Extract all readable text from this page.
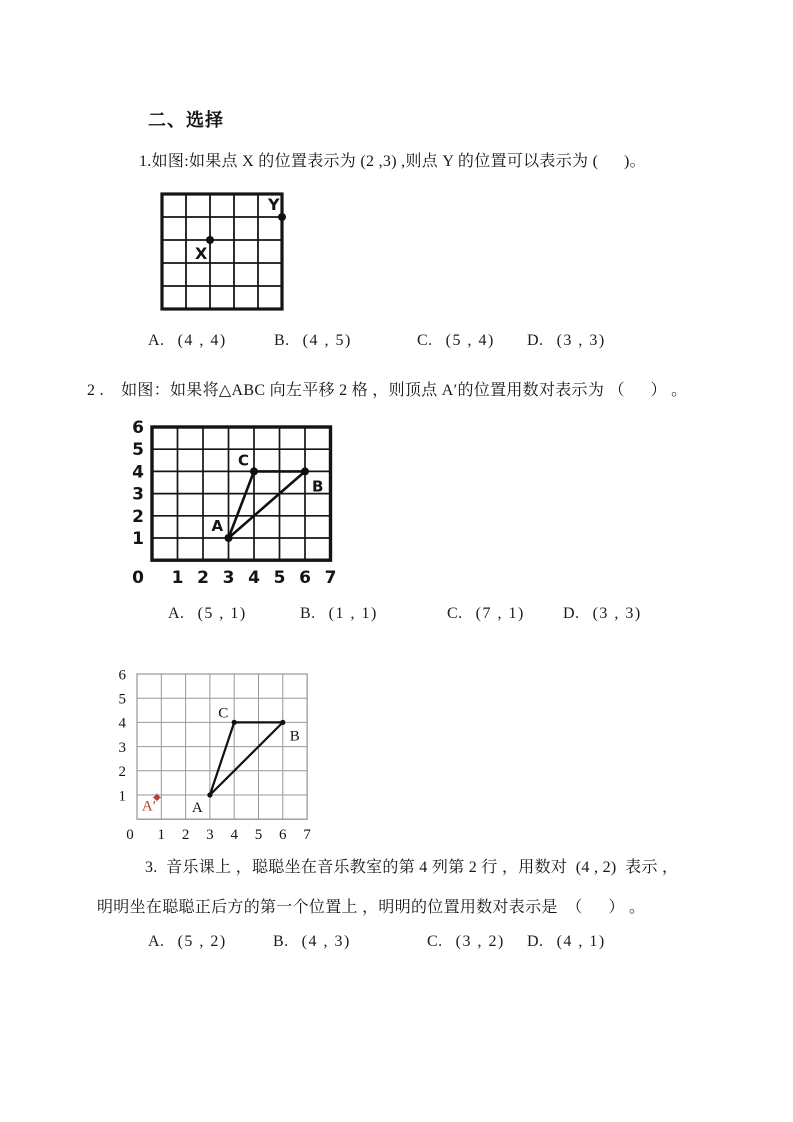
二、选择
1.如图:如果点 X 的位置表示为 (2 ,3) ,则点 Y 的位置可以表示为 (      )。
X
Y
A. (4 , 4)	B. (4 , 5)	C. (5 , 4) D. (3 , 3)
2 .    如图：如果将△ABC 向左平移 2 格 ，则顶点 A′的位置用数对表示为 （      ） 。
1
2
3
4
5
6
0 1 2 3 4 5 6 7
A
C
B
A. (5 , 1)	B. (1 , 1)	C. (7 , 1) D. (3 , 3)
1
2
3
4
5
6
0 1 2 3 4 5 6 7
A
C
B
A′
3.  音乐课上 ，聪聪坐在音乐教室的第 4 列第 2 行 ，用数对  (4 , 2)  表示 ，
明明坐在聪聪正后方的第一个位置上 ，明明的位置用数对表示是  （      ） 。
A. (5 , 2)	B. (4 , 3)	C. (3 , 2) D. (4 , 1)
